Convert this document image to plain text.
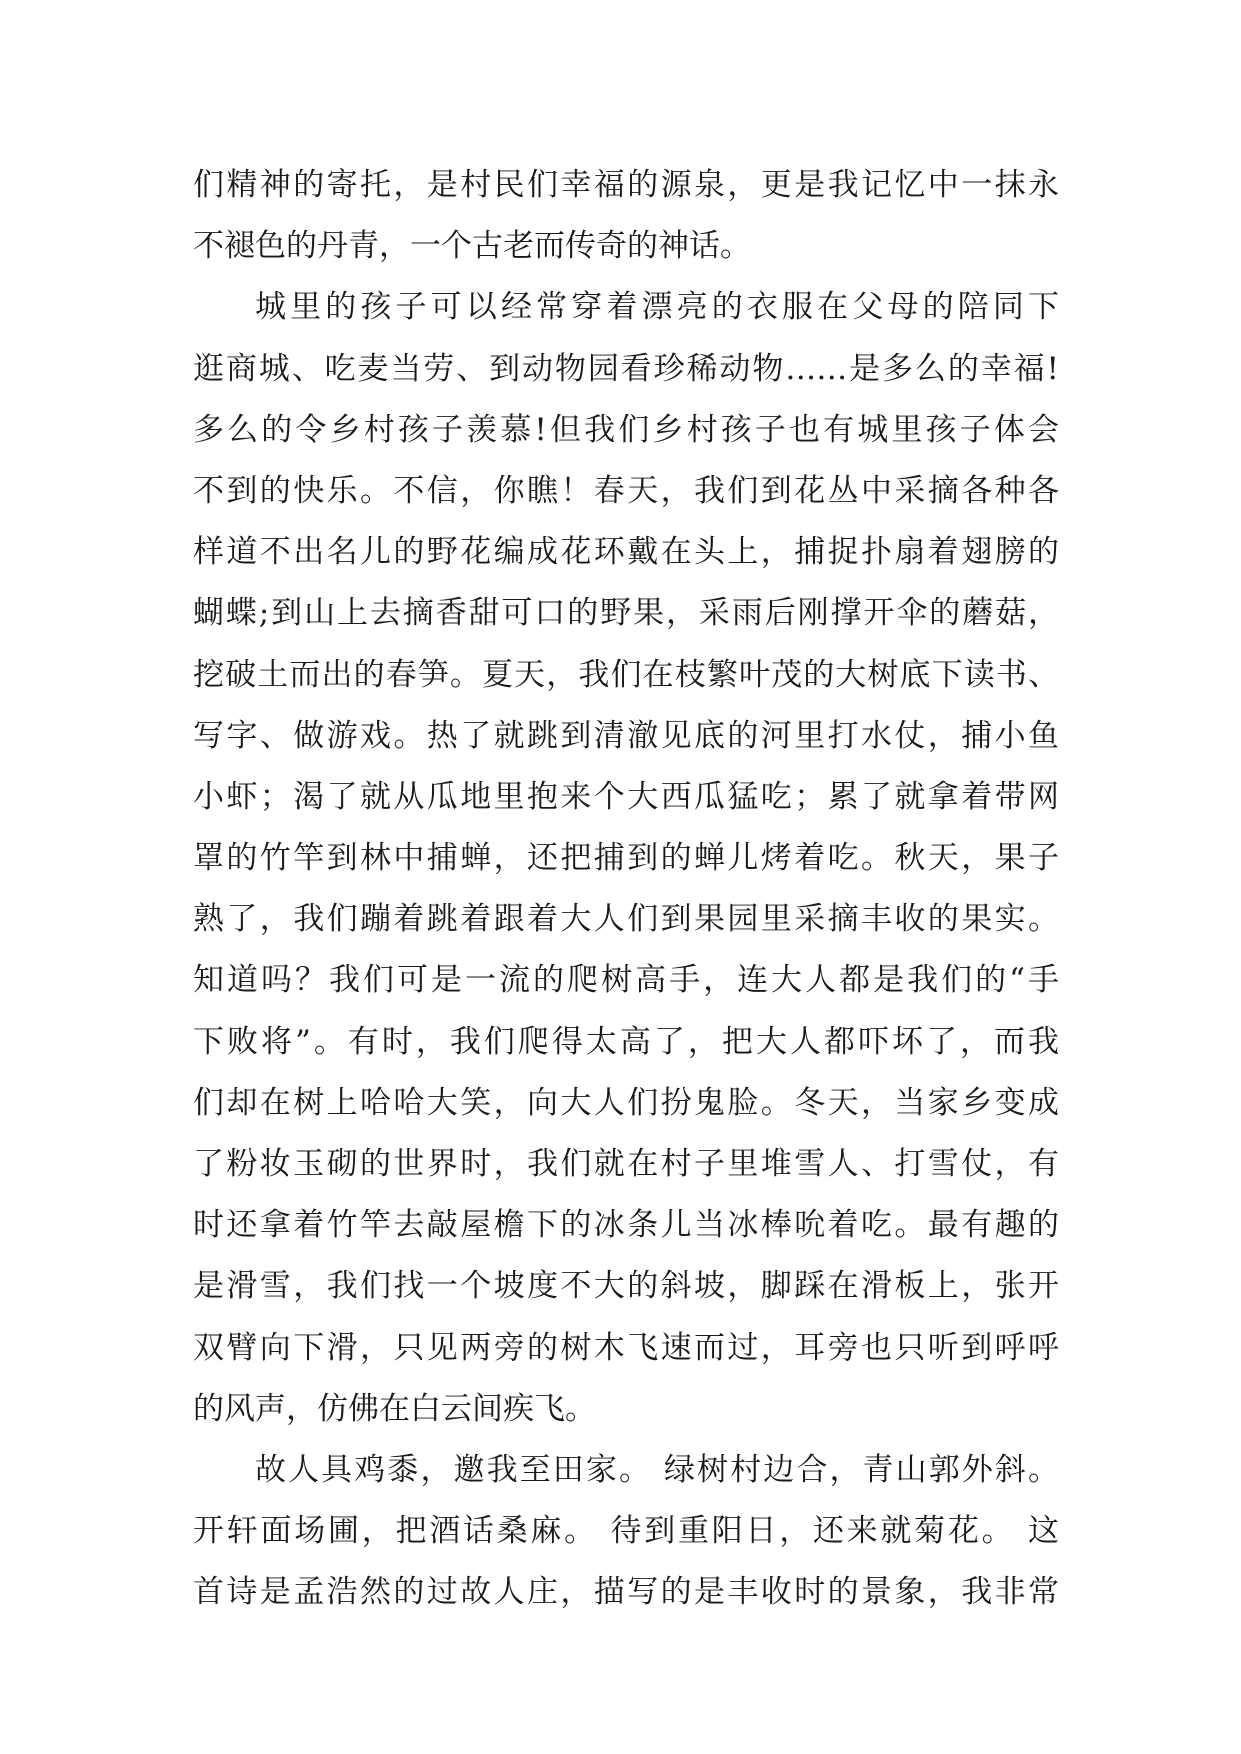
们精神的寄托，是村民们幸福的源泉，更是我记忆中一抹永
不褪色的丹青，一个古老而传奇的神话。
城里的孩子可以经常穿着漂亮的衣服在父母的陪同下
逛商城、吃麦当劳、到动物园看珍稀动物……是多么的幸福!
多么的令乡村孩子羡慕!但我们乡村孩子也有城里孩子体会
不到的快乐。不信，你瞧！春天，我们到花丛中采摘各种各
样道不出名儿的野花编成花环戴在头上，捕捉扑扇着翅膀的
蝴蝶;到山上去摘香甜可口的野果，采雨后刚撑开伞的蘑菇，
挖破土而出的春笋。夏天，我们在枝繁叶茂的大树底下读书、
写字、做游戏。热了就跳到清澈见底的河里打水仗，捕小鱼
小虾；渴了就从瓜地里抱来个大西瓜猛吃；累了就拿着带网
罩的竹竿到林中捕蝉，还把捕到的蝉儿烤着吃。秋天，果子
熟了，我们蹦着跳着跟着大人们到果园里采摘丰收的果实。
知道吗？我们可是一流的爬树高手，连大人都是我们的“手
下败将”。有时，我们爬得太高了，把大人都吓坏了，而我
们却在树上哈哈大笑，向大人们扮鬼脸。冬天，当家乡变成
了粉妆玉砌的世界时，我们就在村子里堆雪人、打雪仗，有
时还拿着竹竿去敲屋檐下的冰条儿当冰棒吮着吃。最有趣的
是滑雪，我们找一个坡度不大的斜坡，脚踩在滑板上，张开
双臂向下滑，只见两旁的树木飞速而过，耳旁也只听到呼呼
的风声，仿佛在白云间疾飞。
故人具鸡黍，邀我至田家。 绿树村边合，青山郭外斜。
开轩面场圃，把酒话桑麻。 待到重阳日，还来就菊花。 这
首诗是孟浩然的过故人庄，描写的是丰收时的景象，我非常
